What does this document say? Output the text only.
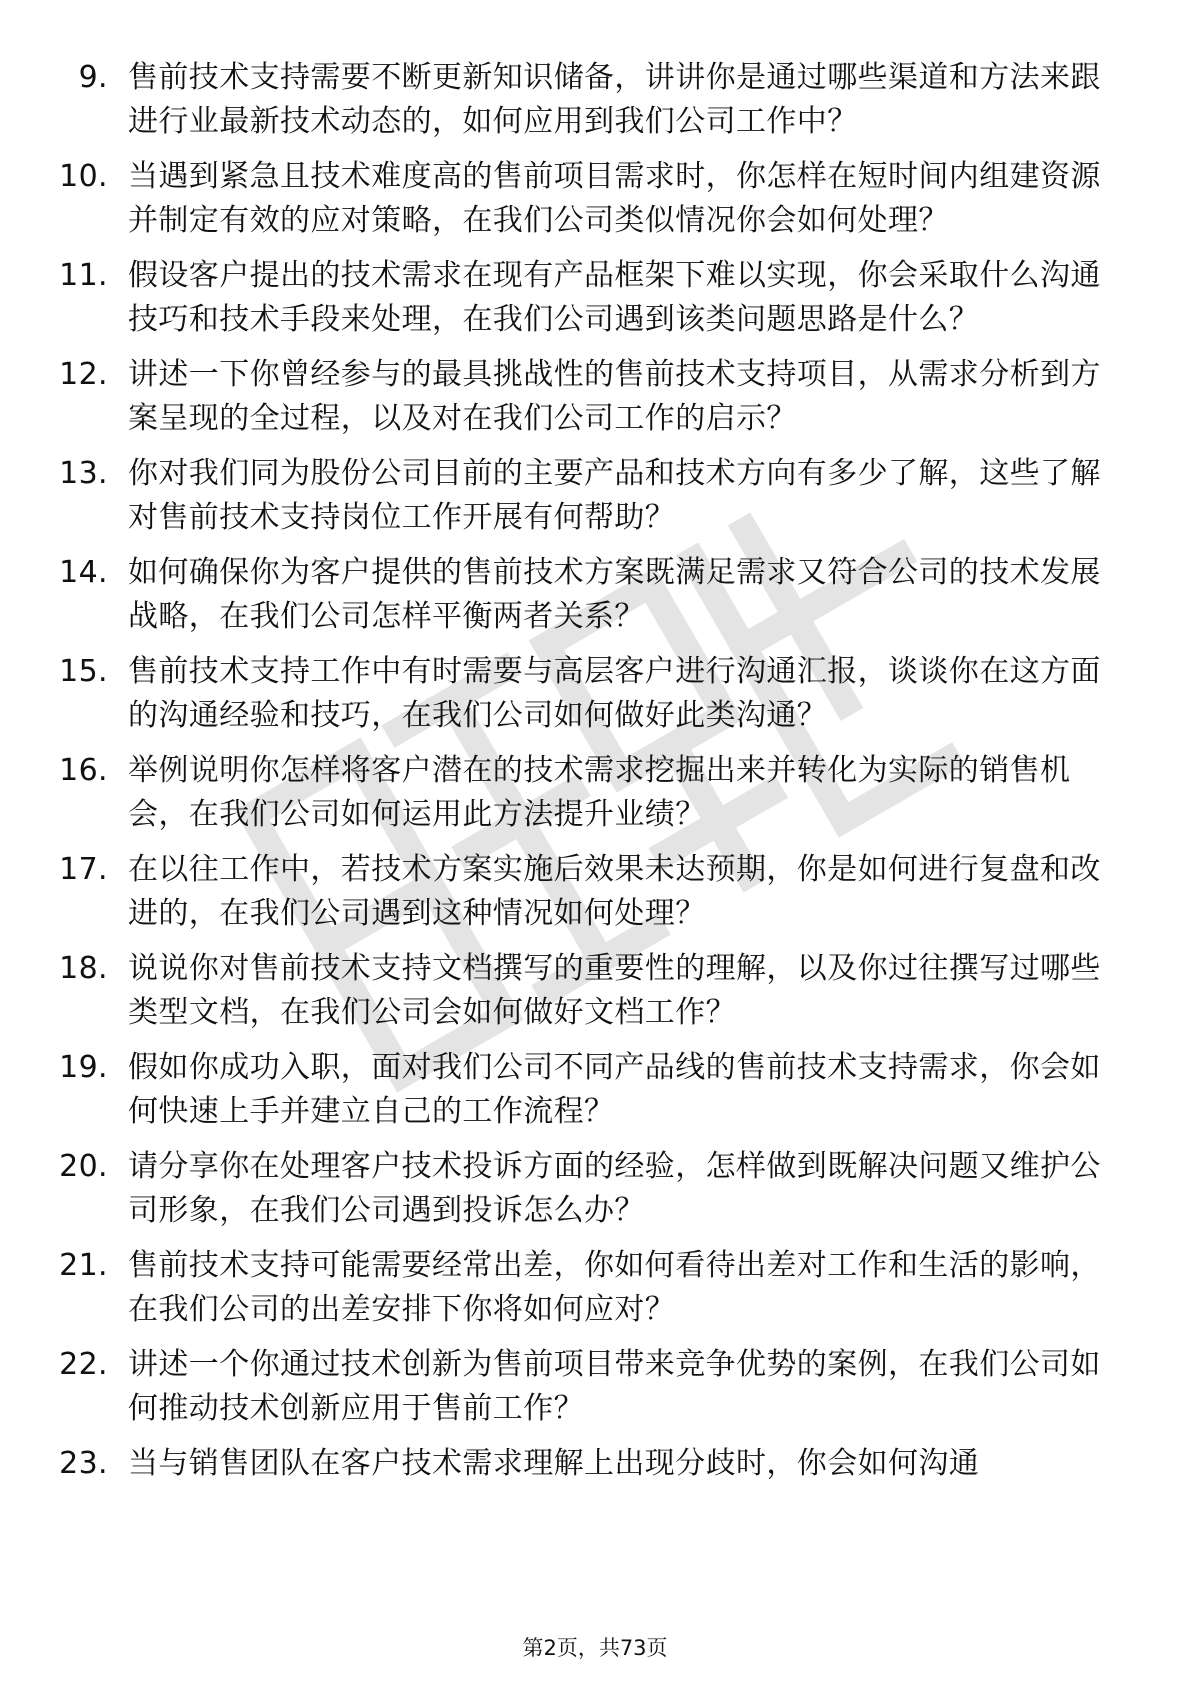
9. 售前技术支持需要不断更新知识储备，讲讲你是通过哪些渠道和方法来跟进行业最新技术动态的，如何应用到我们公司工作中？
10. 当遇到紧急且技术难度高的售前项目需求时，你怎样在短时间内组建资源并制定有效的应对策略，在我们公司类似情况你会如何处理？
11. 假设客户提出的技术需求在现有产品框架下难以实现，你会采取什么沟通技巧和技术手段来处理，在我们公司遇到该类问题思路是什么？
12. 讲述一下你曾经参与的最具挑战性的售前技术支持项目，从需求分析到方案呈现的全过程，以及对在我们公司工作的启示？
13. 你对我们同为股份公司目前的主要产品和技术方向有多少了解，这些了解对售前技术支持岗位工作开展有何帮助？
14. 如何确保你为客户提供的售前技术方案既满足需求又符合公司的技术发展战略，在我们公司怎样平衡两者关系？
15. 售前技术支持工作中有时需要与高层客户进行沟通汇报，谈谈你在这方面的沟通经验和技巧，在我们公司如何做好此类沟通？
16. 举例说明你怎样将客户潜在的技术需求挖掘出来并转化为实际的销售机会，在我们公司如何运用此方法提升业绩？
17. 在以往工作中，若技术方案实施后效果未达预期，你是如何进行复盘和改进的，在我们公司遇到这种情况如何处理？
18. 说说你对售前技术支持文档撰写的重要性的理解，以及你过往撰写过哪些类型文档，在我们公司会如何做好文档工作？
19. 假如你成功入职，面对我们公司不同产品线的售前技术支持需求，你会如何快速上手并建立自己的工作流程？
20. 请分享你在处理客户技术投诉方面的经验，怎样做到既解决问题又维护公司形象，在我们公司遇到投诉怎么办？
21. 售前技术支持可能需要经常出差，你如何看待出差对工作和生活的影响，在我们公司的出差安排下你将如何应对？
22. 讲述一个你通过技术创新为售前项目带来竞争优势的案例，在我们公司如何推动技术创新应用于售前工作？
23. 当与销售团队在客户技术需求理解上出现分歧时，你会如何沟通
第2页，共73页
